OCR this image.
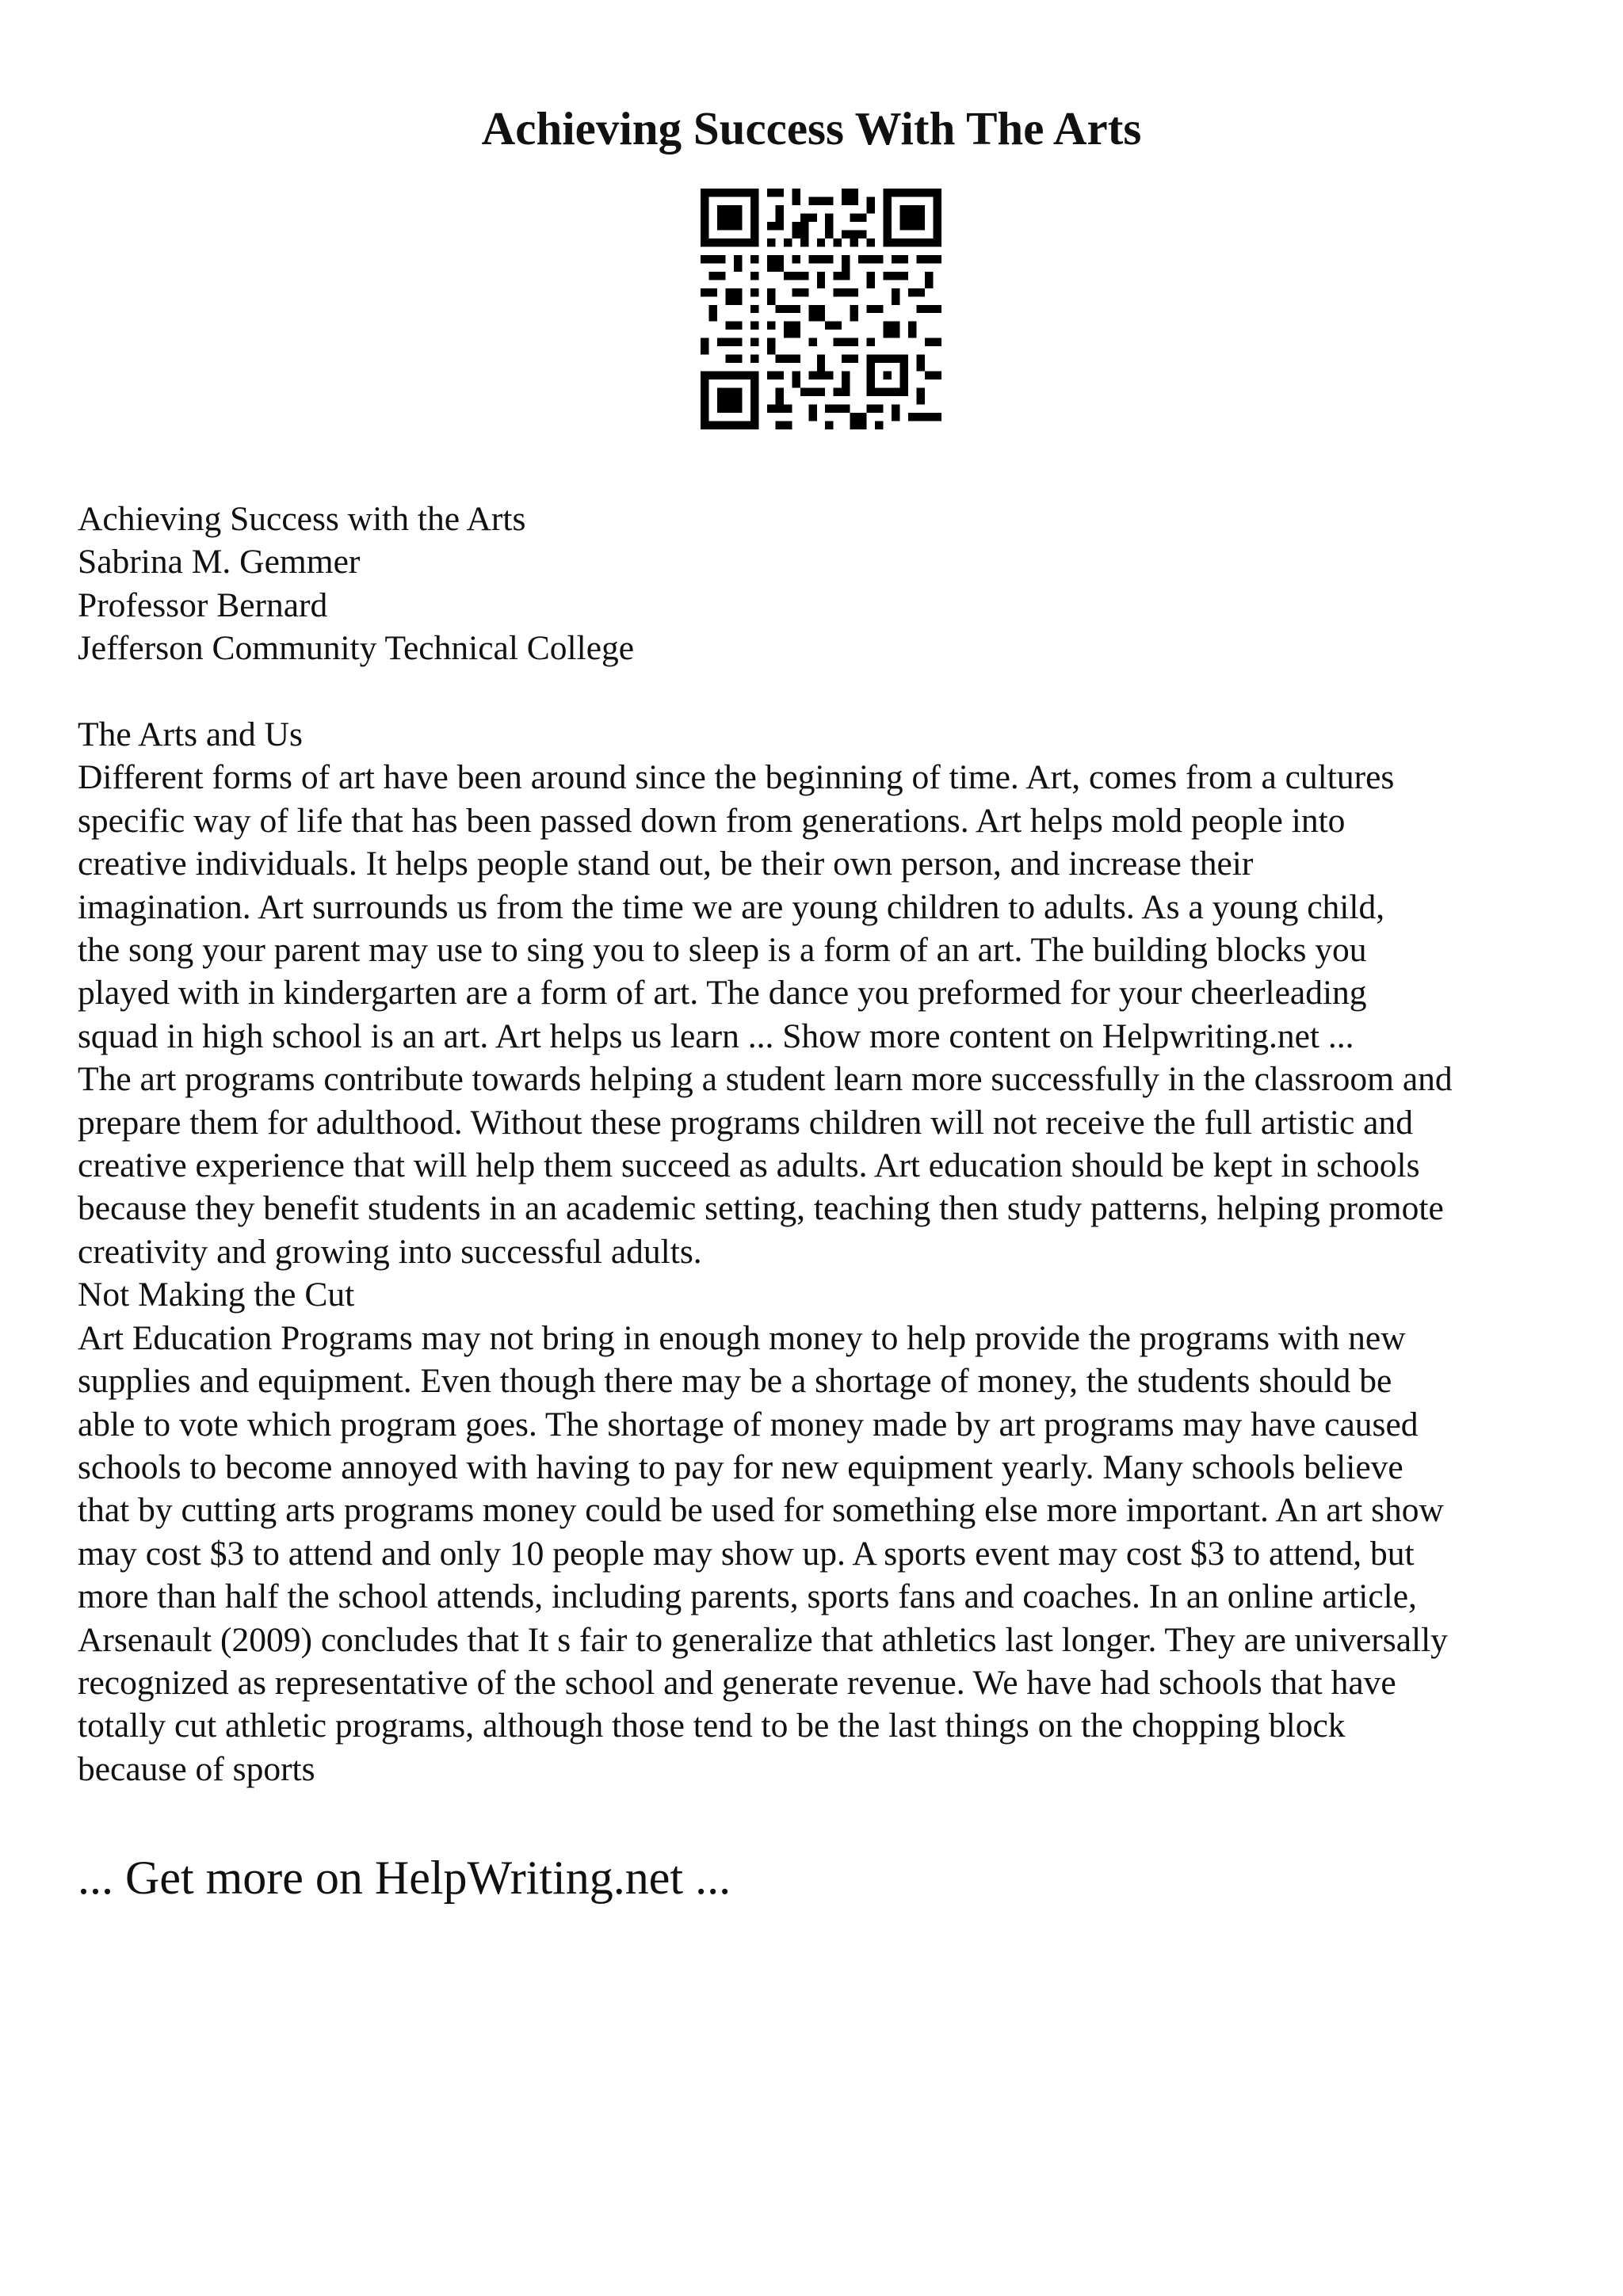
Achieving Success With The Arts

Achieving Success with the Arts

Sabrina M. Gemmer

Professor Bernard

Jefferson Community Technical College

The Arts and Us

Different forms of art have been around since the beginning of time. Art, comes from a cultures

specific way of life that has been passed down from generations. Art helps mold people into

creative individuals. It helps people stand out, be their own person, and increase their

imagination. Art surrounds us from the time we are young children to adults. As a young child,

the song your parent may use to sing you to sleep is a form of an art. The building blocks you

played with in kindergarten are a form of art. The dance you preformed for your cheerleading

squad in high school is an art. Art helps us learn ... Show more content on Helpwriting.net ...

The art programs contribute towards helping a student learn more successfully in the classroom and

prepare them for adulthood. Without these programs children will not receive the full artistic and

creative experience that will help them succeed as adults. Art education should be kept in schools

because they benefit students in an academic setting, teaching then study patterns, helping promote

creativity and growing into successful adults.

Not Making the Cut

Art Education Programs may not bring in enough money to help provide the programs with new

supplies and equipment. Even though there may be a shortage of money, the students should be

able to vote which program goes. The shortage of money made by art programs may have caused

schools to become annoyed with having to pay for new equipment yearly. Many schools believe

that by cutting arts programs money could be used for something else more important. An art show

may cost $3 to attend and only 10 people may show up. A sports event may cost $3 to attend, but

more than half the school attends, including parents, sports fans and coaches. In an online article,

Arsenault (2009) concludes that It s fair to generalize that athletics last longer. They are universally

recognized as representative of the school and generate revenue. We have had schools that have

totally cut athletic programs, although those tend to be the last things on the chopping block

because of sports

... Get more on HelpWriting.net ...
